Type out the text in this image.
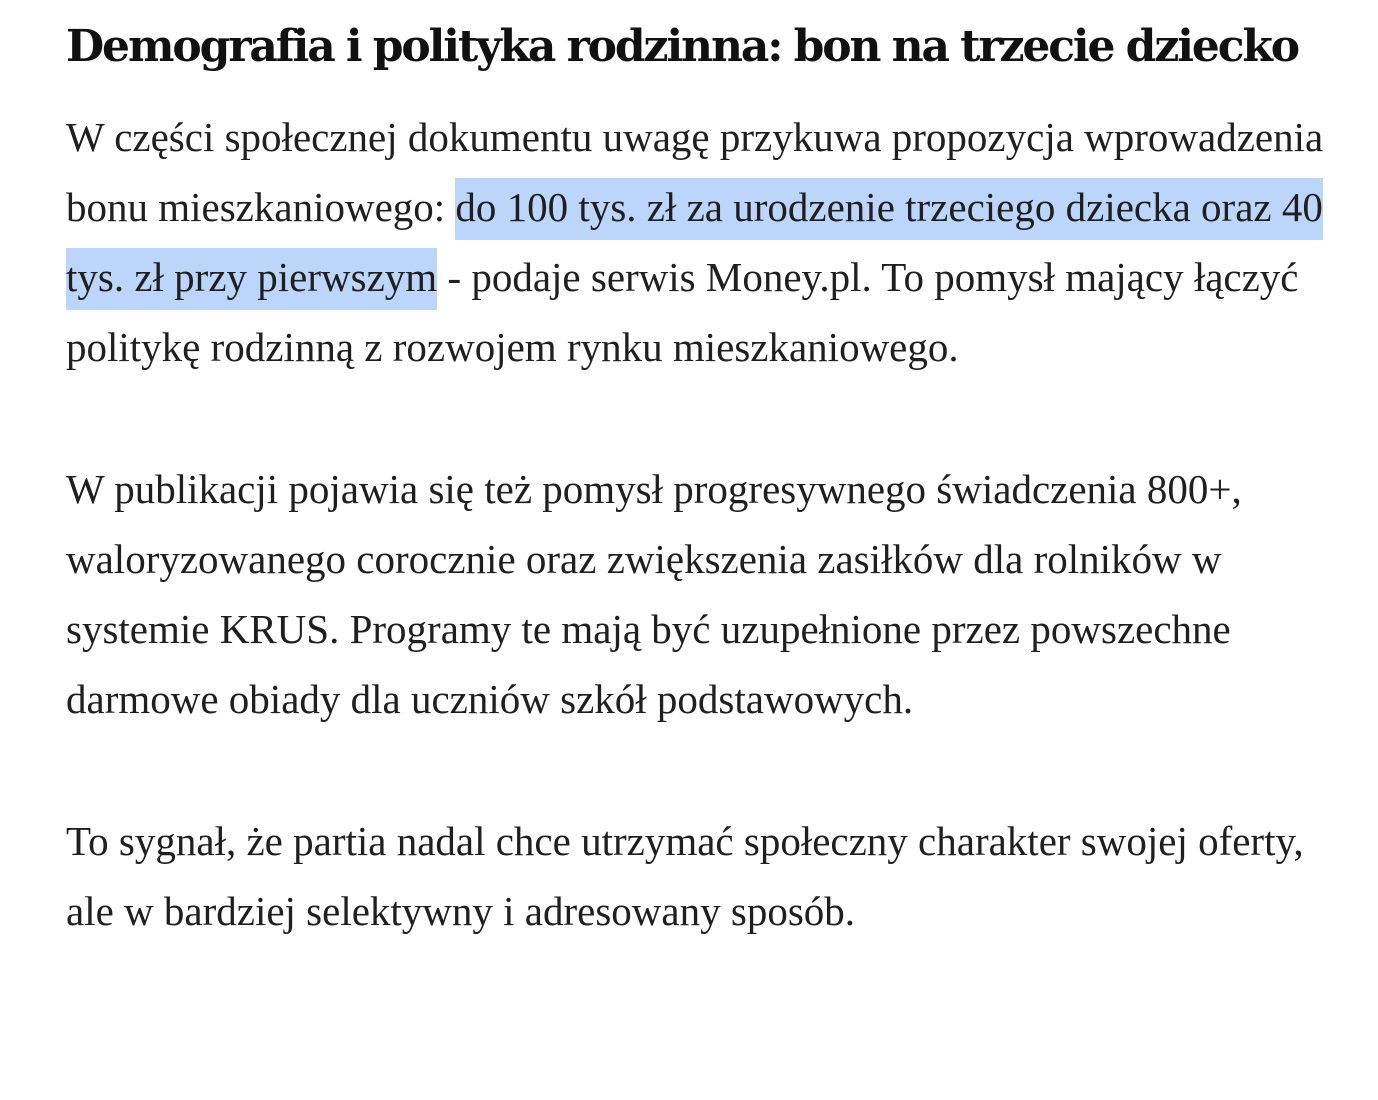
Demografia i polityka rodzinna: bon na trzecie dziecko

W części społecznej dokumentu uwagę przykuwa propozycja wprowadzenia bonu mieszkaniowego: do 100 tys. zł za urodzenie trzeciego dziecka oraz 40 tys. zł przy pierwszym - podaje serwis Money.pl. To pomysł mający łączyć politykę rodzinną z rozwojem rynku mieszkaniowego.

W publikacji pojawia się też pomysł progresywnego świadczenia 800+, waloryzowanego corocznie oraz zwiększenia zasiłków dla rolników w systemie KRUS. Programy te mają być uzupełnione przez powszechne darmowe obiady dla uczniów szkół podstawowych.

To sygnał, że partia nadal chce utrzymać społeczny charakter swojej oferty, ale w bardziej selektywny i adresowany sposób.
